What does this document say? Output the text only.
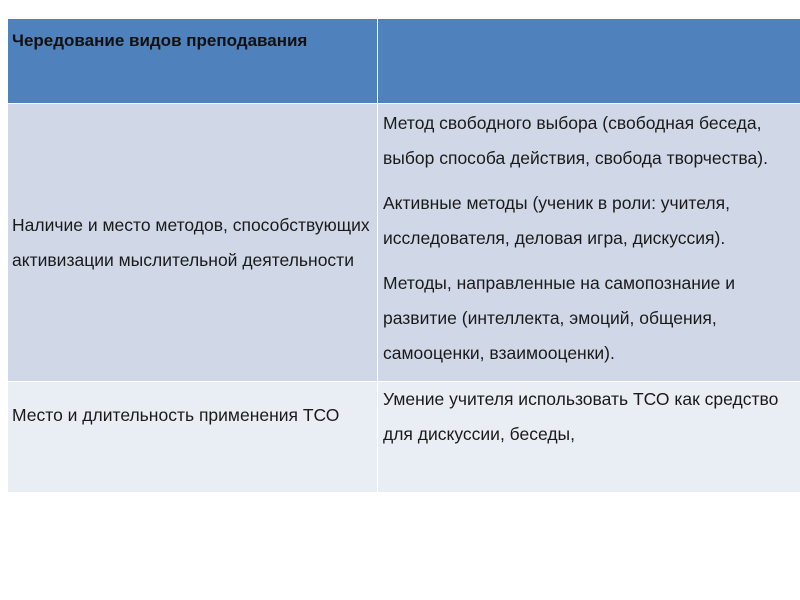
Чередование видов преподавания	

Наличие и место методов, способствующих активизации мыслительной деятельности	Метод свободного выбора (свободная беседа, выбор способа действия, свобода творчества).

Активные методы (ученик в роли: учителя, исследователя, деловая игра, дискуссия).

Методы, направленные на самопознание и развитие (интеллекта, эмоций, общения, самооценки, взаимооценки).

Место и длительность применения ТСО	Умение учителя использовать ТСО как средство для дискуссии, беседы,
